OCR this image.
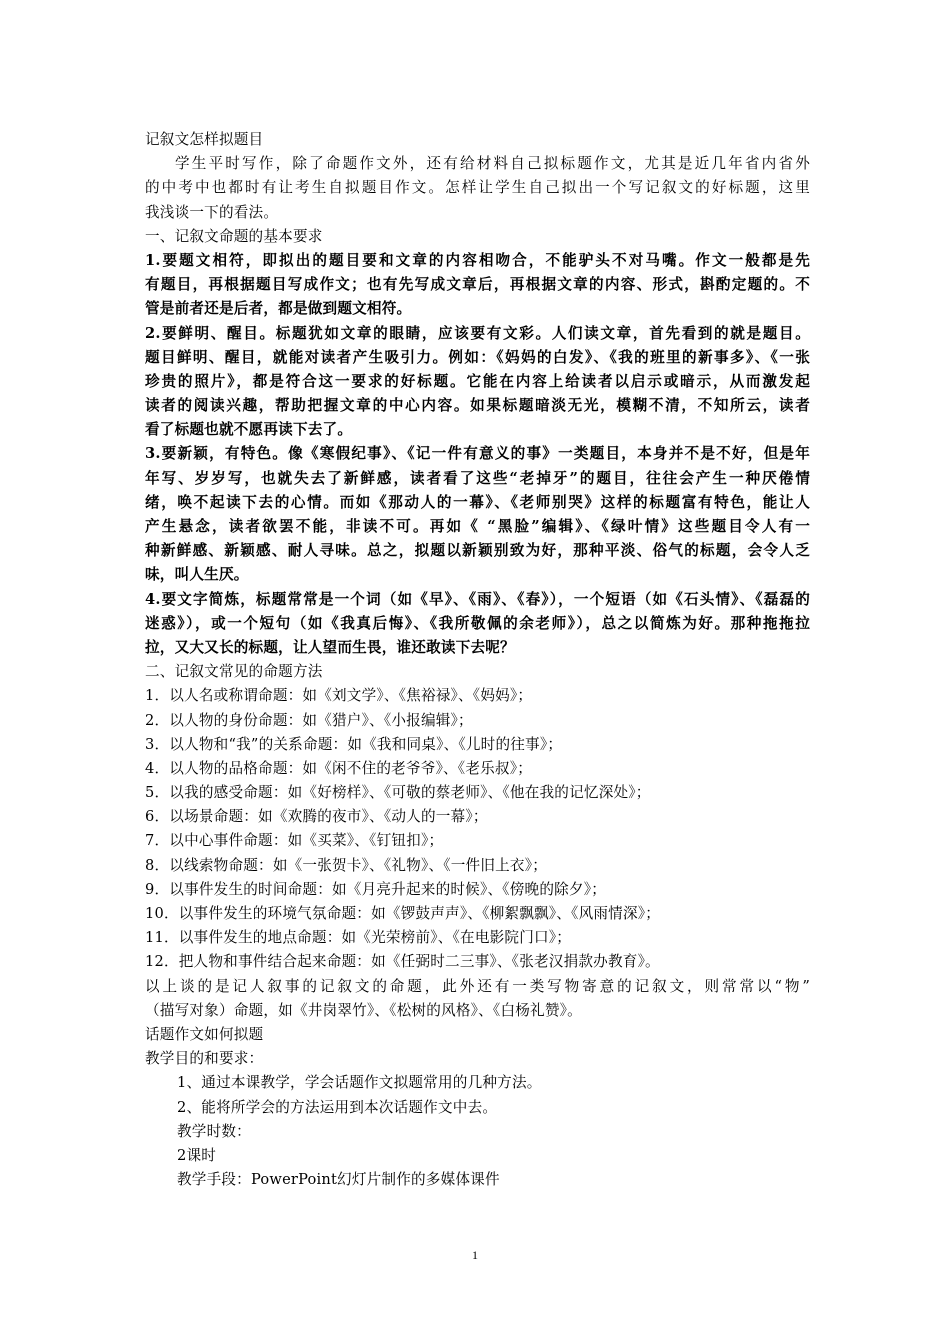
记叙文怎样拟题目
学生平时写作，除了命题作文外，还有给材料自己拟标题作文，尤其是近几年省内省外
的中考中也都时有让考生自拟题目作文。怎样让学生自己拟出一个写记叙文的好标题，这里
我浅谈一下的看法。
一、记叙文命题的基本要求
1.要题文相符，即拟出的题目要和文章的内容相吻合，不能驴头不对马嘴。作文一般都是先
有题目，再根据题目写成作文；也有先写成文章后，再根据文章的内容、形式，斟酌定题的。不
管是前者还是后者，都是做到题文相符。
2.要鲜明、醒目。标题犹如文章的眼睛，应该要有文彩。人们读文章，首先看到的就是题目。
题目鲜明、醒目，就能对读者产生吸引力。例如：《妈妈的白发》、《我的班里的新事多》、《一张
珍贵的照片》，都是符合这一要求的好标题。它能在内容上给读者以启示或暗示，从而激发起
读者的阅读兴趣，帮助把握文章的中心内容。如果标题暗淡无光，模糊不清，不知所云，读者
看了标题也就不愿再读下去了。
3.要新颖，有特色。像《寒假纪事》、《记一件有意义的事》一类题目，本身并不是不好，但是年
年写、岁岁写，也就失去了新鲜感，读者看了这些“老掉牙”的题目，往往会产生一种厌倦情
绪，唤不起读下去的心情。而如《那动人的一幕》、《老师别哭》这样的标题富有特色，能让人
产生悬念，读者欲罢不能，非读不可。再如《 “黑脸”编辑》、《绿叶情》这些题目令人有一
种新鲜感、新颖感、耐人寻味。总之，拟题以新颖别致为好，那种平淡、俗气的标题，会令人乏
味，叫人生厌。
4.要文字简炼，标题常常是一个词（如《早》、《雨》、《春》），一个短语（如《石头情》、《磊磊的
迷惑》），或一个短句（如《我真后悔》、《我所敬佩的余老师》），总之以简炼为好。那种拖拖拉
拉，又大又长的标题，让人望而生畏，谁还敢读下去呢？
二、记叙文常见的命题方法
1．以人名或称谓命题：如《刘文学》、《焦裕禄》、《妈妈》；
2．以人物的身份命题：如《猎户》、《小报编辑》；
3．以人物和“我”的关系命题：如《我和同桌》、《儿时的往事》；
4．以人物的品格命题：如《闲不住的老爷爷》、《老乐叔》；
5．以我的感受命题：如《好榜样》、《可敬的蔡老师》、《他在我的记忆深处》；
6．以场景命题：如《欢腾的夜市》、《动人的一幕》；
7．以中心事件命题：如《买菜》、《钉钮扣》；
8．以线索物命题：如《一张贺卡》、《礼物》、《一件旧上衣》；
9．以事件发生的时间命题：如《月亮升起来的时候》、《傍晚的除夕》；
10．以事件发生的环境气氛命题：如《锣鼓声声》、《柳絮飘飘》、《风雨情深》；
11．以事件发生的地点命题：如《光荣榜前》、《在电影院门口》；
12．把人物和事件结合起来命题：如《任弼时二三事》、《张老汉捐款办教育》。
以上谈的是记人叙事的记叙文的命题，此外还有一类写物寄意的记叙文，则常常以“物”
（描写对象）命题，如《井岗翠竹》、《松树的风格》、《白杨礼赞》。
话题作文如何拟题
教学目的和要求：
1、通过本课教学，学会话题作文拟题常用的几种方法。
2、能将所学会的方法运用到本次话题作文中去。
教学时数：
2课时
教学手段：PowerPoint幻灯片制作的多媒体课件
1
